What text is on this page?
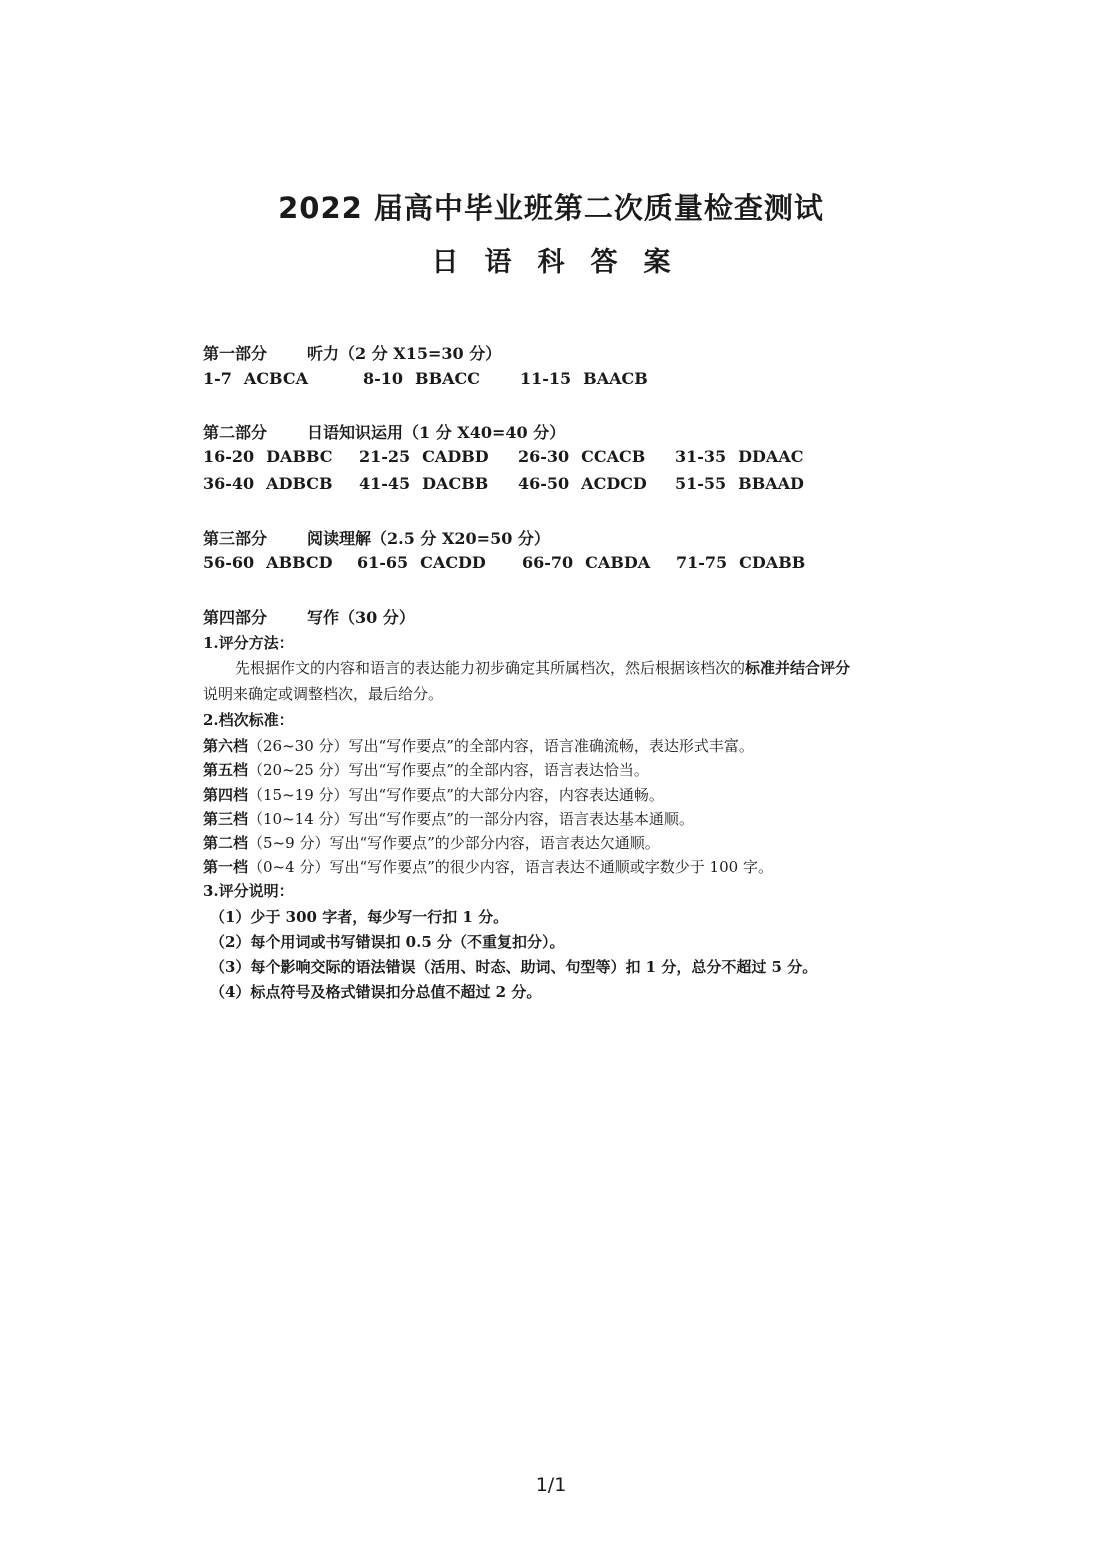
2022 届高中毕业班第二次质量检查测试
日语科答案
第一部分 听力（2 分 X15=30 分）
1-7 ACBCA	8-10 BBACC	11-15 BAACB
第二部分 日语知识运用（1 分 X40=40 分）
16-20 DABBC 21-25 CADBD 26-30 CCACB 31-35 DDAAC
36-40 ADBCB 41-45 DACBB 46-50 ACDCD 51-55 BBAAD
第三部分 阅读理解（2.5 分 X20=50 分）
56-60 ABBCD 61-65 CACDD 66-70 CABDA 71-75 CDABB
第四部分 写作（30 分）
1.评分方法：
先根据作文的内容和语言的表达能力初步确定其所属档次，然后根据该档次的标准并结合评分
说明来确定或调整档次，最后给分。
2.档次标准：
第六档（26~30 分）写出“写作要点”的全部内容，语言准确流畅，表达形式丰富。
第五档（20~25 分）写出“写作要点”的全部内容，语言表达恰当。
第四档（15~19 分）写出“写作要点”的大部分内容，内容表达通畅。
第三档（10~14 分）写出“写作要点”的一部分内容，语言表达基本通顺。
第二档（5~9 分）写出“写作要点”的少部分内容，语言表达欠通顺。
第一档（0~4 分）写出“写作要点”的很少内容，语言表达不通顺或字数少于 100 字。
3.评分说明：
（1）少于 300 字者，每少写一行扣 1 分。
（2）每个用词或书写错误扣 0.5 分（不重复扣分）。
（3）每个影响交际的语法错误（活用、时态、助词、句型等）扣 1 分，总分不超过 5 分。
（4）标点符号及格式错误扣分总值不超过 2 分。
1/1
